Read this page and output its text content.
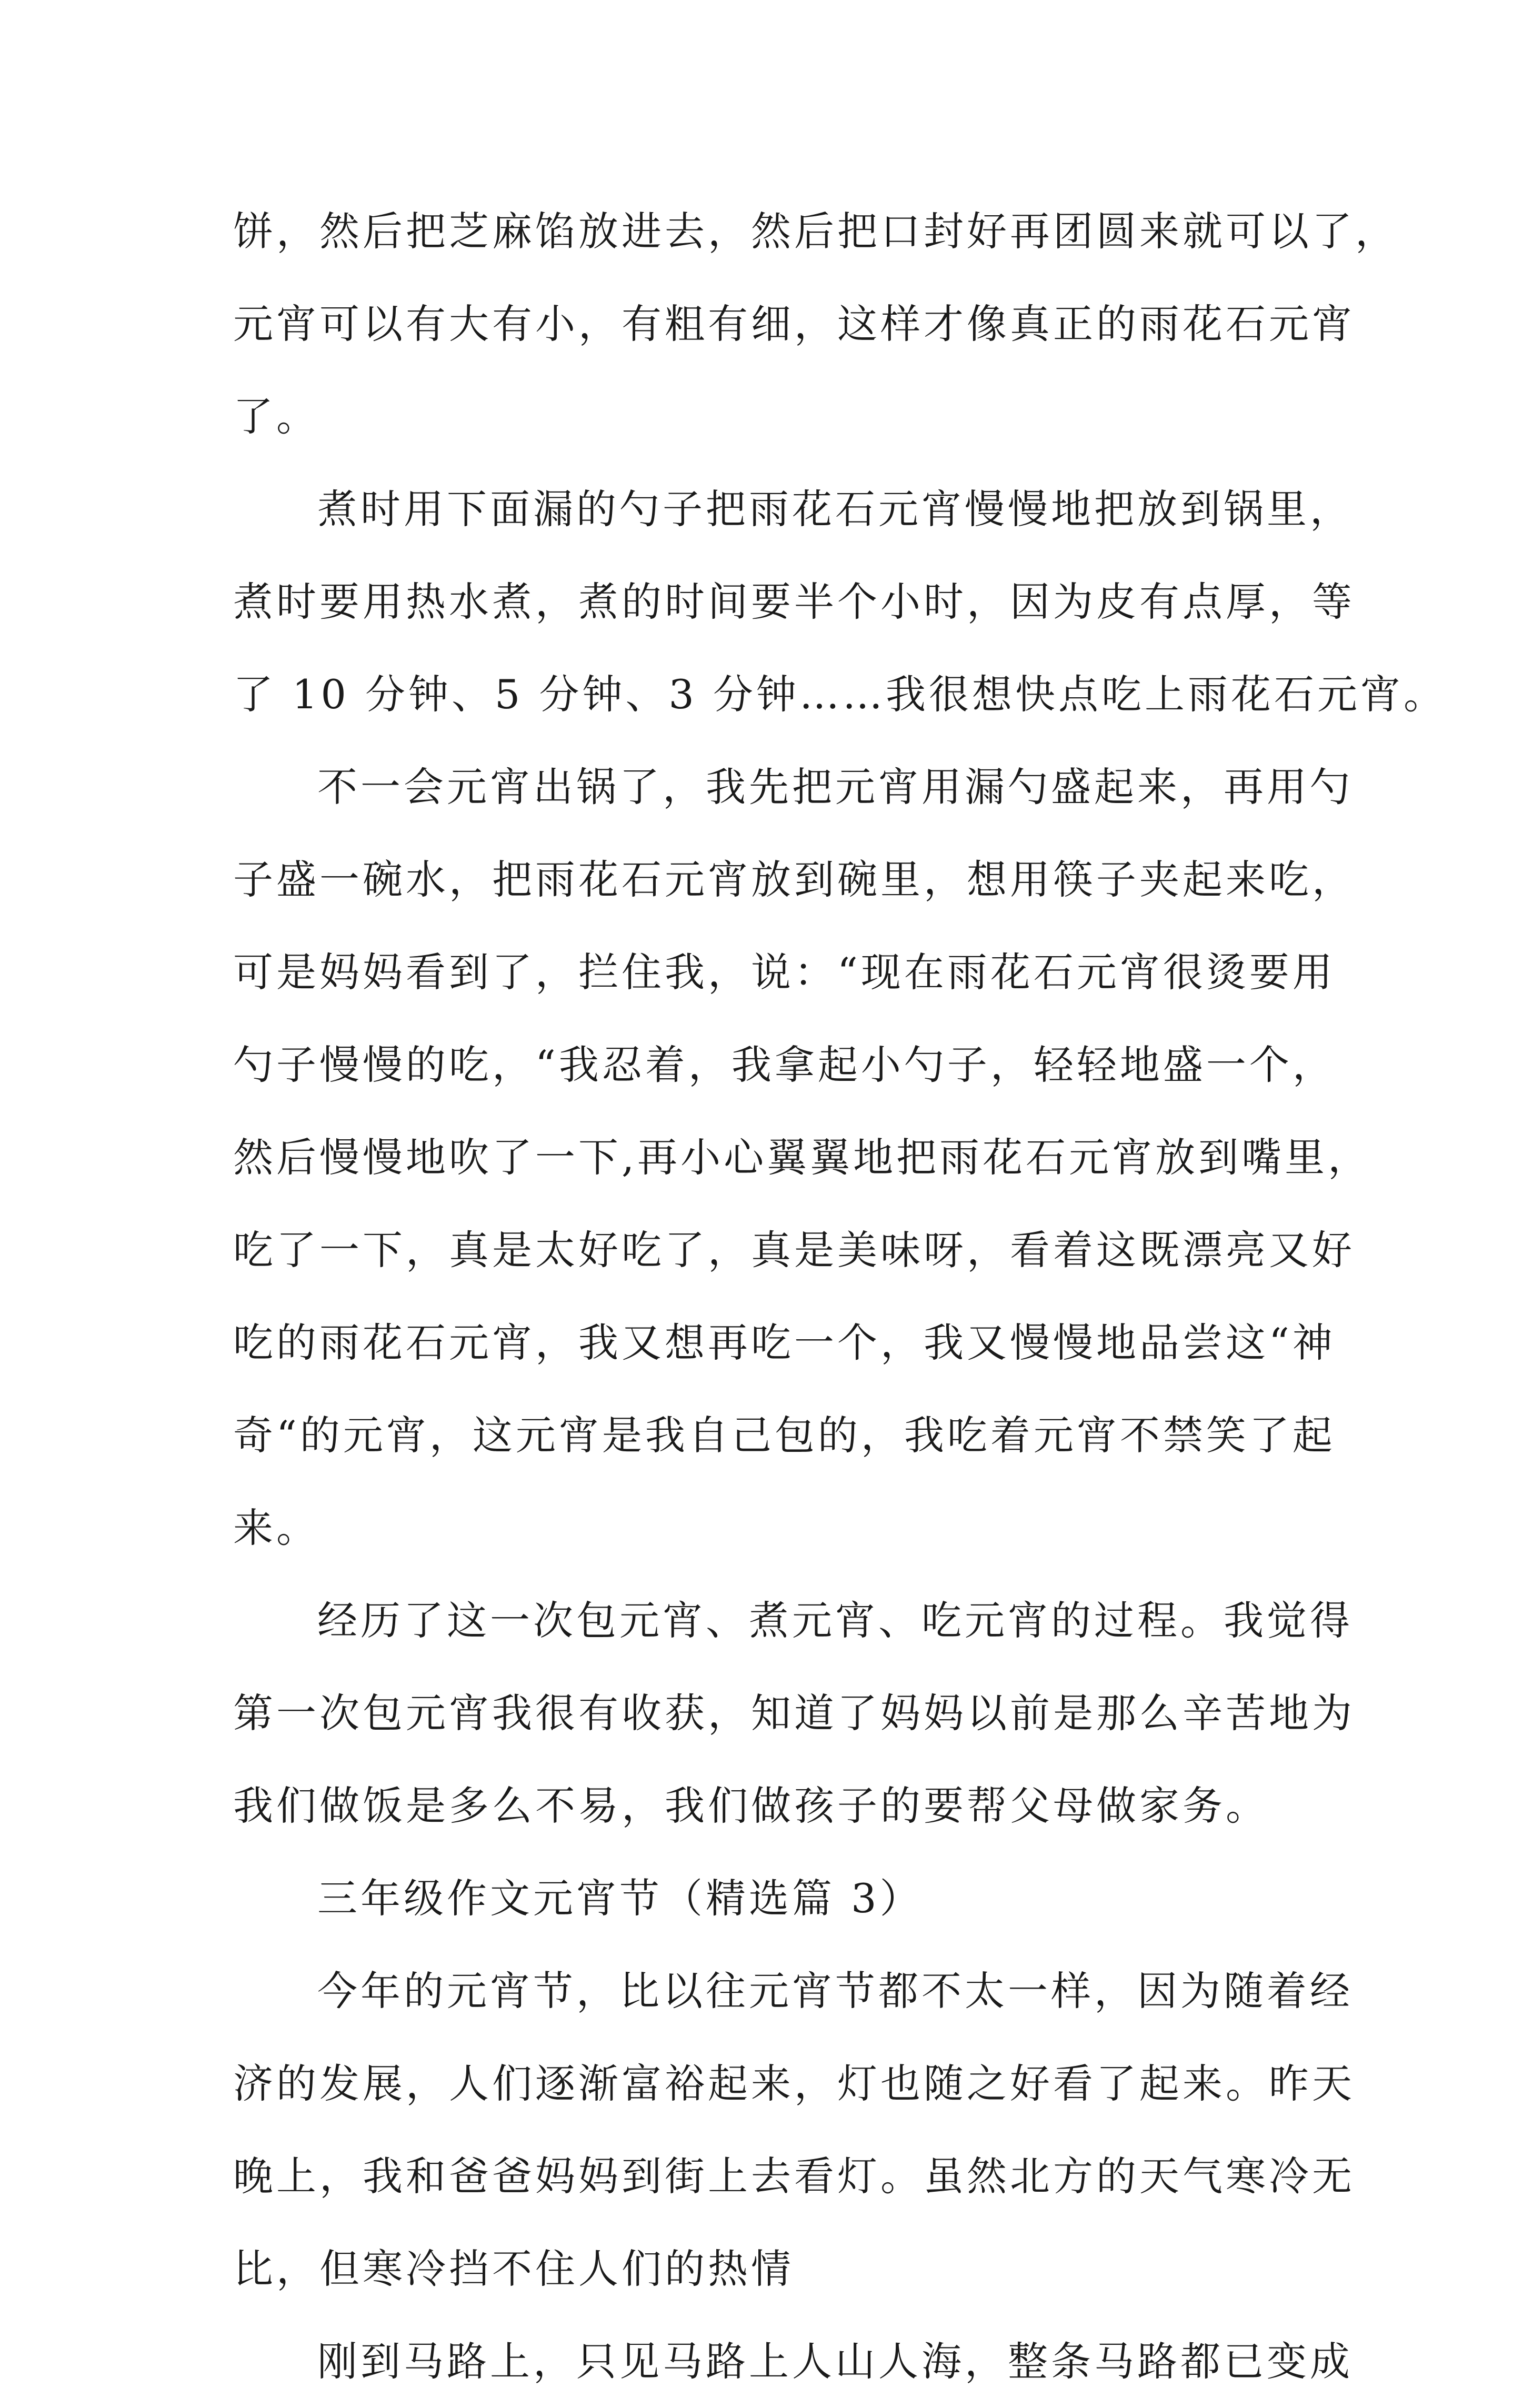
饼，然后把芝麻馅放进去，然后把口封好再团圆来就可以了，

元宵可以有大有小，有粗有细，这样才像真正的雨花石元宵

了。

煮时用下面漏的勺子把雨花石元宵慢慢地把放到锅里，

煮时要用热水煮，煮的时间要半个小时，因为皮有点厚，等

了 10 分钟、5 分钟、3 分钟……我很想快点吃上雨花石元宵。

不一会元宵出锅了，我先把元宵用漏勺盛起来，再用勺

子盛一碗水，把雨花石元宵放到碗里，想用筷子夹起来吃，

可是妈妈看到了，拦住我，说：“现在雨花石元宵很烫要用

勺子慢慢的吃，“我忍着，我拿起小勺子，轻轻地盛一个，

然后慢慢地吹了一下,再小心翼翼地把雨花石元宵放到嘴里，

吃了一下，真是太好吃了，真是美味呀，看着这既漂亮又好

吃的雨花石元宵，我又想再吃一个，我又慢慢地品尝这“神

奇“的元宵，这元宵是我自己包的，我吃着元宵不禁笑了起

来。

经历了这一次包元宵、煮元宵、吃元宵的过程。我觉得

第一次包元宵我很有收获，知道了妈妈以前是那么辛苦地为

我们做饭是多么不易，我们做孩子的要帮父母做家务。

三年级作文元宵节（精选篇 3）

今年的元宵节，比以往元宵节都不太一样，因为随着经

济的发展，人们逐渐富裕起来，灯也随之好看了起来。昨天

晚上，我和爸爸妈妈到街上去看灯。虽然北方的天气寒冷无

比，但寒冷挡不住人们的热情

刚到马路上，只见马路上人山人海，整条马路都已变成
